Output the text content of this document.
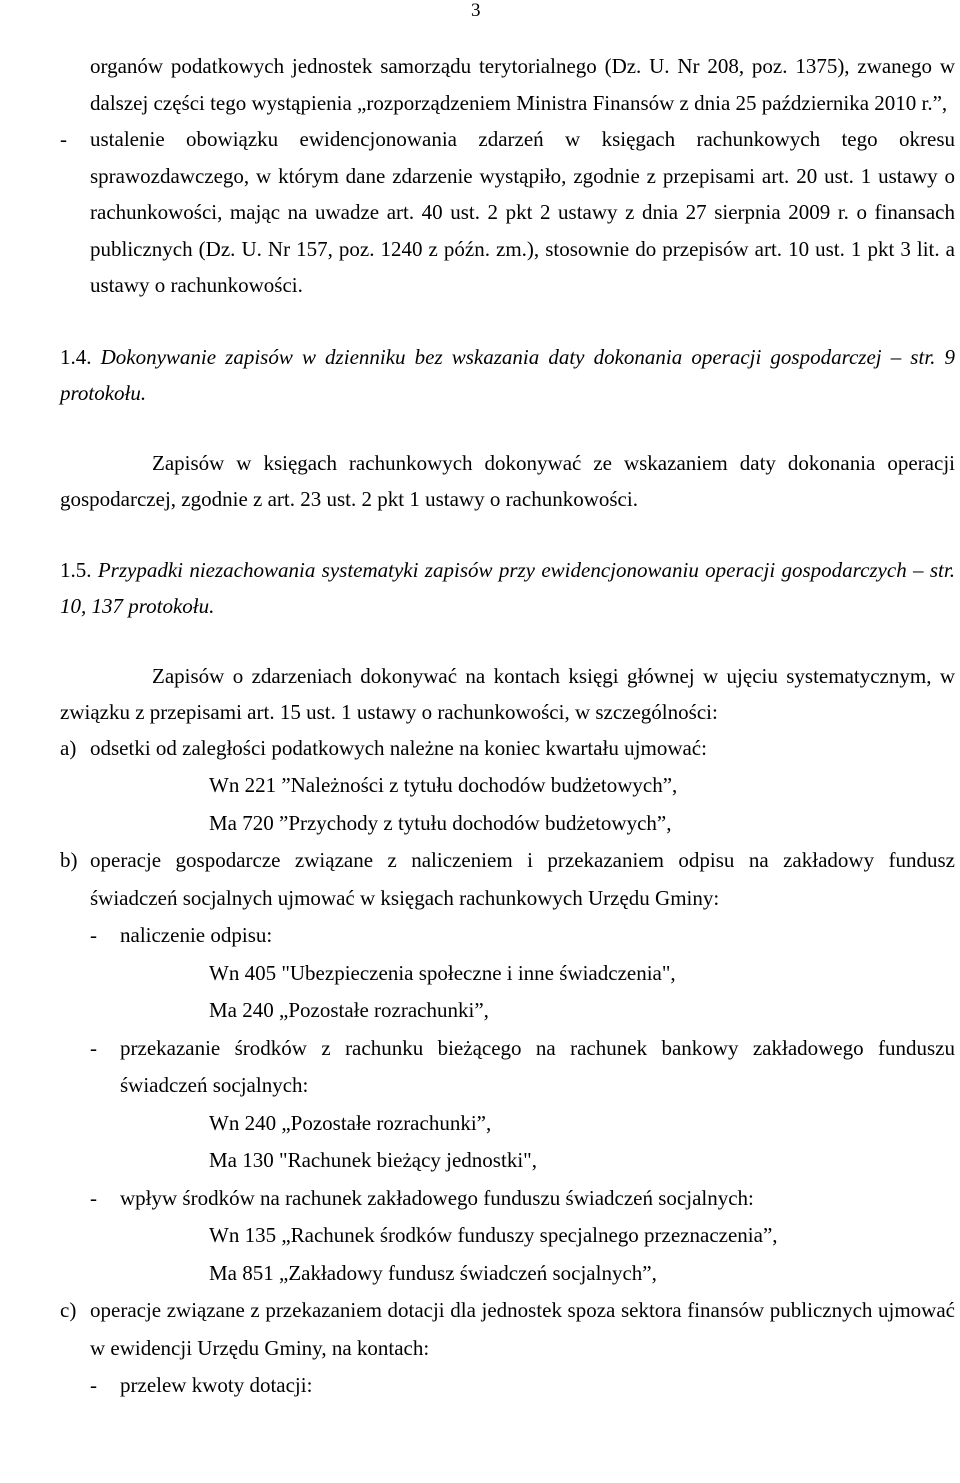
3

organów podatkowych jednostek samorządu terytorialnego (Dz. U. Nr 208, poz. 1375), zwanego w dalszej części tego wystąpienia „rozporządzeniem Ministra Finansów z dnia 25 października 2010 r.”,

- ustalenie obowiązku ewidencjonowania zdarzeń w księgach rachunkowych tego okresu sprawozdawczego, w którym dane zdarzenie wystąpiło, zgodnie z przepisami art. 20 ust. 1 ustawy o rachunkowości, mając na uwadze art. 40 ust. 2 pkt 2 ustawy z dnia 27 sierpnia 2009 r. o finansach publicznych (Dz. U. Nr 157, poz. 1240 z późn. zm.), stosownie do przepisów art. 10 ust. 1 pkt 3 lit. a ustawy o rachunkowości.

1.4. Dokonywanie zapisów w dzienniku bez wskazania daty dokonania operacji gospodarczej – str. 9 protokołu.

Zapisów w księgach rachunkowych dokonywać ze wskazaniem daty dokonania operacji gospodarczej, zgodnie z art. 23 ust. 2 pkt 1 ustawy o rachunkowości.

1.5. Przypadki niezachowania systematyki zapisów przy ewidencjonowaniu operacji gospodarczych – str. 10, 137 protokołu.

Zapisów o zdarzeniach dokonywać na kontach księgi głównej w ujęciu systematycznym, w związku z przepisami art. 15 ust. 1 ustawy o rachunkowości, w szczególności:

a) odsetki od zaległości podatkowych należne na koniec kwartału ujmować:

Wn 221 ”Należności z tytułu dochodów budżetowych”,

Ma 720 ”Przychody z tytułu dochodów budżetowych”,

b) operacje gospodarcze związane z naliczeniem i przekazaniem odpisu na zakładowy fundusz świadczeń socjalnych ujmować w księgach rachunkowych Urzędu Gminy:

- naliczenie odpisu:

Wn 405 "Ubezpieczenia społeczne i inne świadczenia",

Ma 240 „Pozostałe rozrachunki”,

- przekazanie środków z rachunku bieżącego na rachunek bankowy zakładowego funduszu świadczeń socjalnych:

Wn 240 „Pozostałe rozrachunki”,

Ma 130 "Rachunek bieżący jednostki",

- wpływ środków na rachunek zakładowego funduszu świadczeń socjalnych:

Wn 135 „Rachunek środków funduszy specjalnego przeznaczenia”,

Ma 851 „Zakładowy fundusz świadczeń socjalnych”,

c) operacje związane z przekazaniem dotacji dla jednostek spoza sektora finansów publicznych ujmować w ewidencji Urzędu Gminy, na kontach:

- przelew kwoty dotacji:
